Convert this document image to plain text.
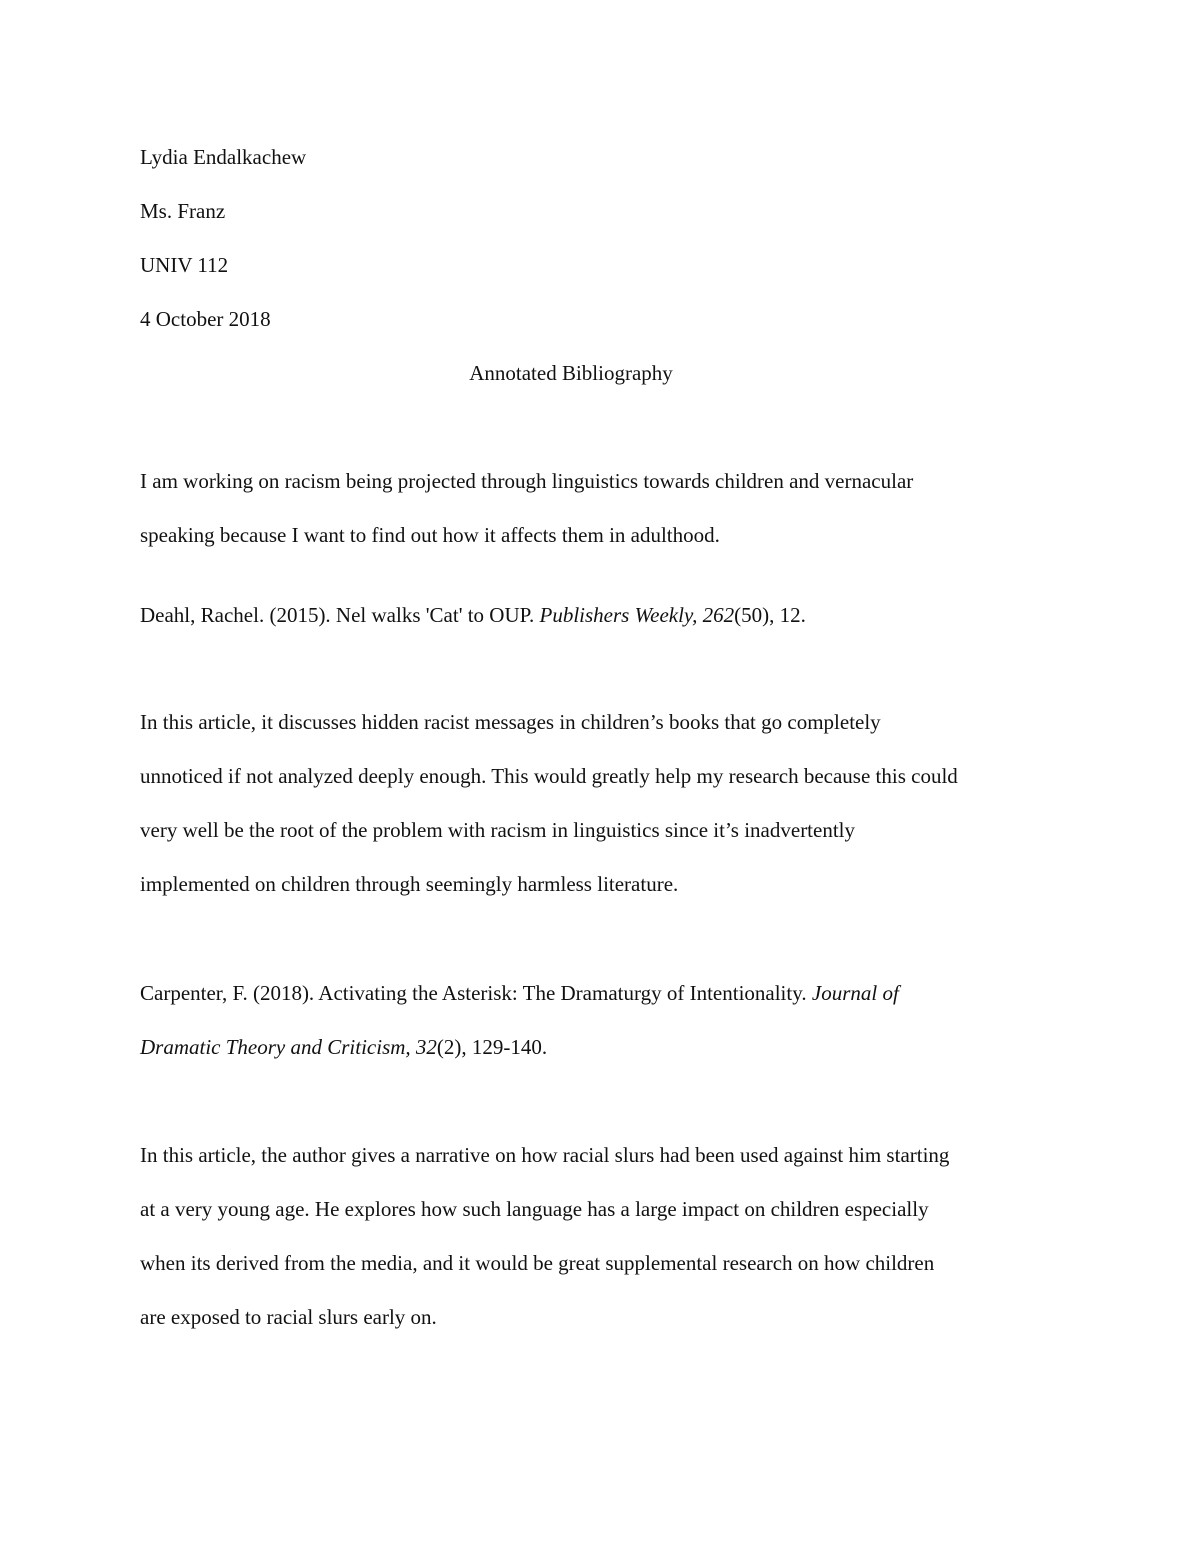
Lydia Endalkachew

Ms. Franz

UNIV 112

4 October 2018

Annotated Bibliography

I am working on racism being projected through linguistics towards children and vernacular

speaking because I want to find out how it affects them in adulthood.

Deahl, Rachel. (2015). Nel walks 'Cat' to OUP. Publishers Weekly, 262(50), 12.

In this article, it discusses hidden racist messages in children’s books that go completely

unnoticed if not analyzed deeply enough. This would greatly help my research because this could

very well be the root of the problem with racism in linguistics since it’s inadvertently

implemented on children through seemingly harmless literature.

Carpenter, F. (2018). Activating the Asterisk: The Dramaturgy of Intentionality. Journal of

Dramatic Theory and Criticism, 32(2), 129-140.

In this article, the author gives a narrative on how racial slurs had been used against him starting

at a very young age. He explores how such language has a large impact on children especially

when its derived from the media, and it would be great supplemental research on how children

are exposed to racial slurs early on.
